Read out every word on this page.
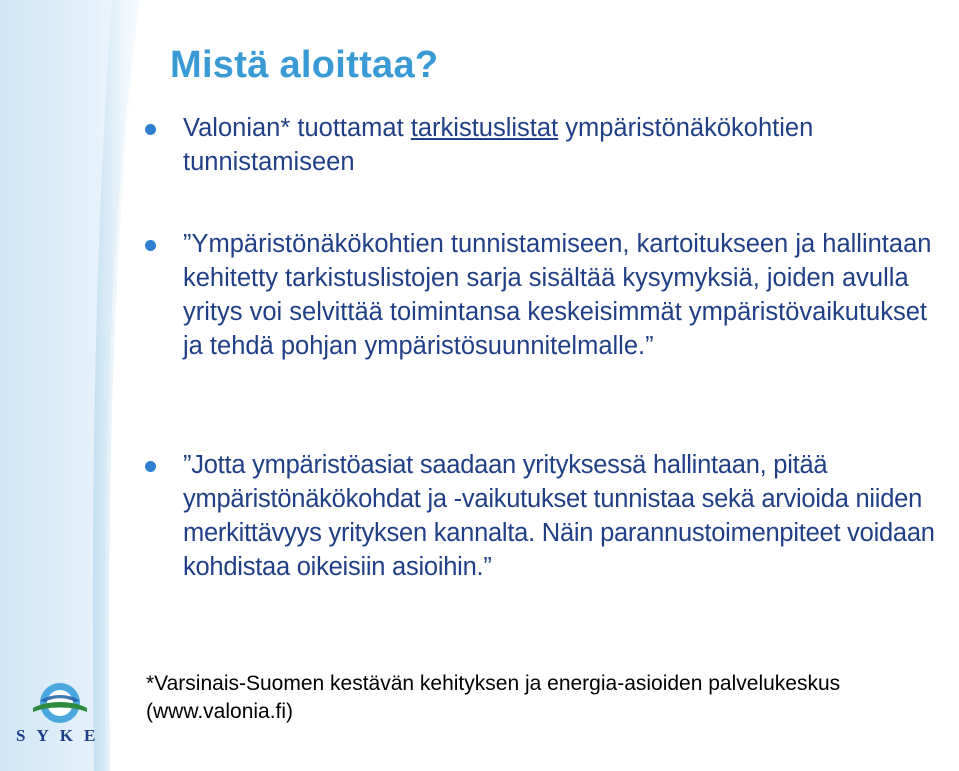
Mistä aloittaa?
Valonian* tuottamat tarkistuslistat ympäristönäkökohtien tunnistamiseen
”Ympäristönäkökohtien tunnistamiseen, kartoitukseen ja hallintaan kehitetty tarkistuslistojen sarja sisältää kysymyksiä, joiden avulla yritys voi selvittää toimintansa keskeisimmät ympäristövaikutukset ja tehdä pohjan ympäristösuunnitelmalle.”
”Jotta ympäristöasiat saadaan yrityksessä hallintaan, pitää ympäristönäkökohdat ja -vaikutukset tunnistaa sekä arvioida niiden merkittävyys yrityksen kannalta. Näin parannustoimenpiteet voidaan kohdistaa oikeisiin asioihin.”
*Varsinais-Suomen kestävän kehityksen ja energia-asioiden palvelukeskus
(www.valonia.fi)
SYKE
